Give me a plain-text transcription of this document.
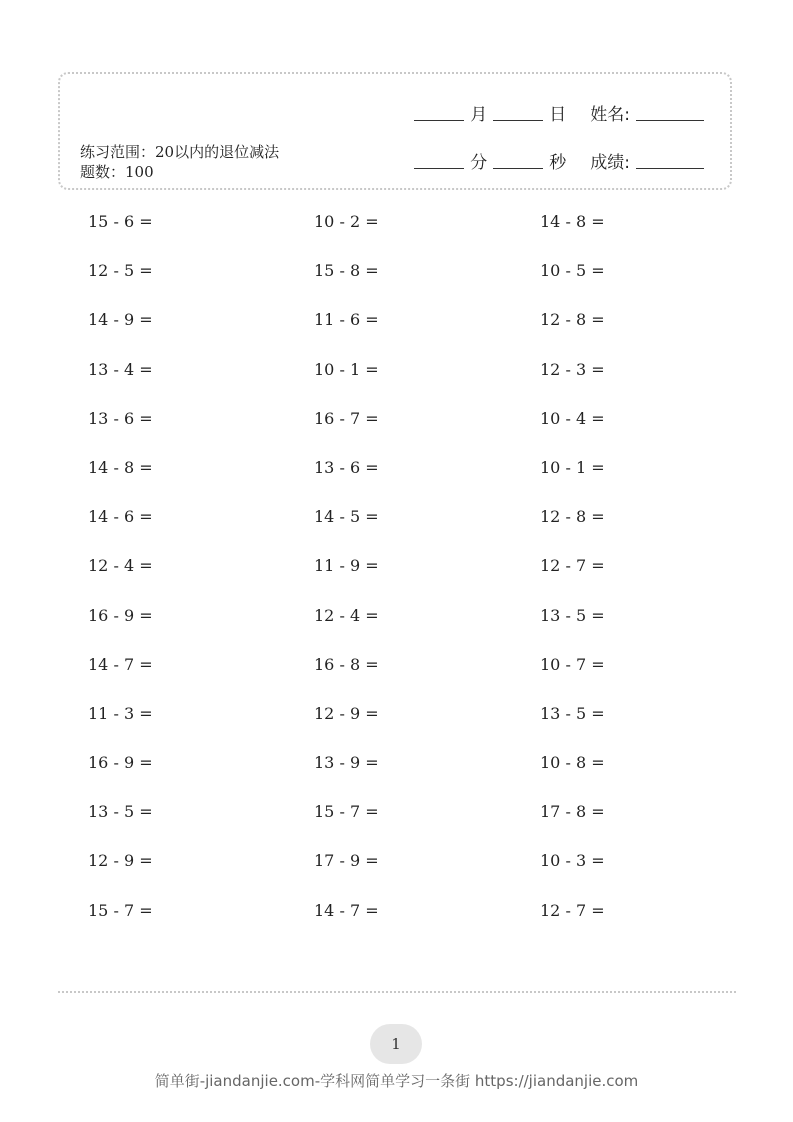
练习范围：20以内的退位减法 题数：100
月	日 姓名:
分	秒 成绩:
15 - 6 =	10 - 2 =	14 - 8 =
12 - 5 =	15 - 8 =	10 - 5 =
14 - 9 =	11 - 6 =	12 - 8 =
13 - 4 =	10 - 1 =	12 - 3 =
13 - 6 =	16 - 7 =	10 - 4 =
14 - 8 =	13 - 6 =	10 - 1 =
14 - 6 =	14 - 5 =	12 - 8 =
12 - 4 =	11 - 9 =	12 - 7 =
16 - 9 =	12 - 4 =	13 - 5 =
14 - 7 =	16 - 8 =	10 - 7 =
11 - 3 =	12 - 9 =	13 - 5 =
16 - 9 =	13 - 9 =	10 - 8 =
13 - 5 =	15 - 7 =	17 - 8 =
12 - 9 =	17 - 9 =	10 - 3 =
15 - 7 =	14 - 7 =	12 - 7 =
1
简单街-jiandanjie.com-学科网简单学习一条街 https://jiandanjie.com
